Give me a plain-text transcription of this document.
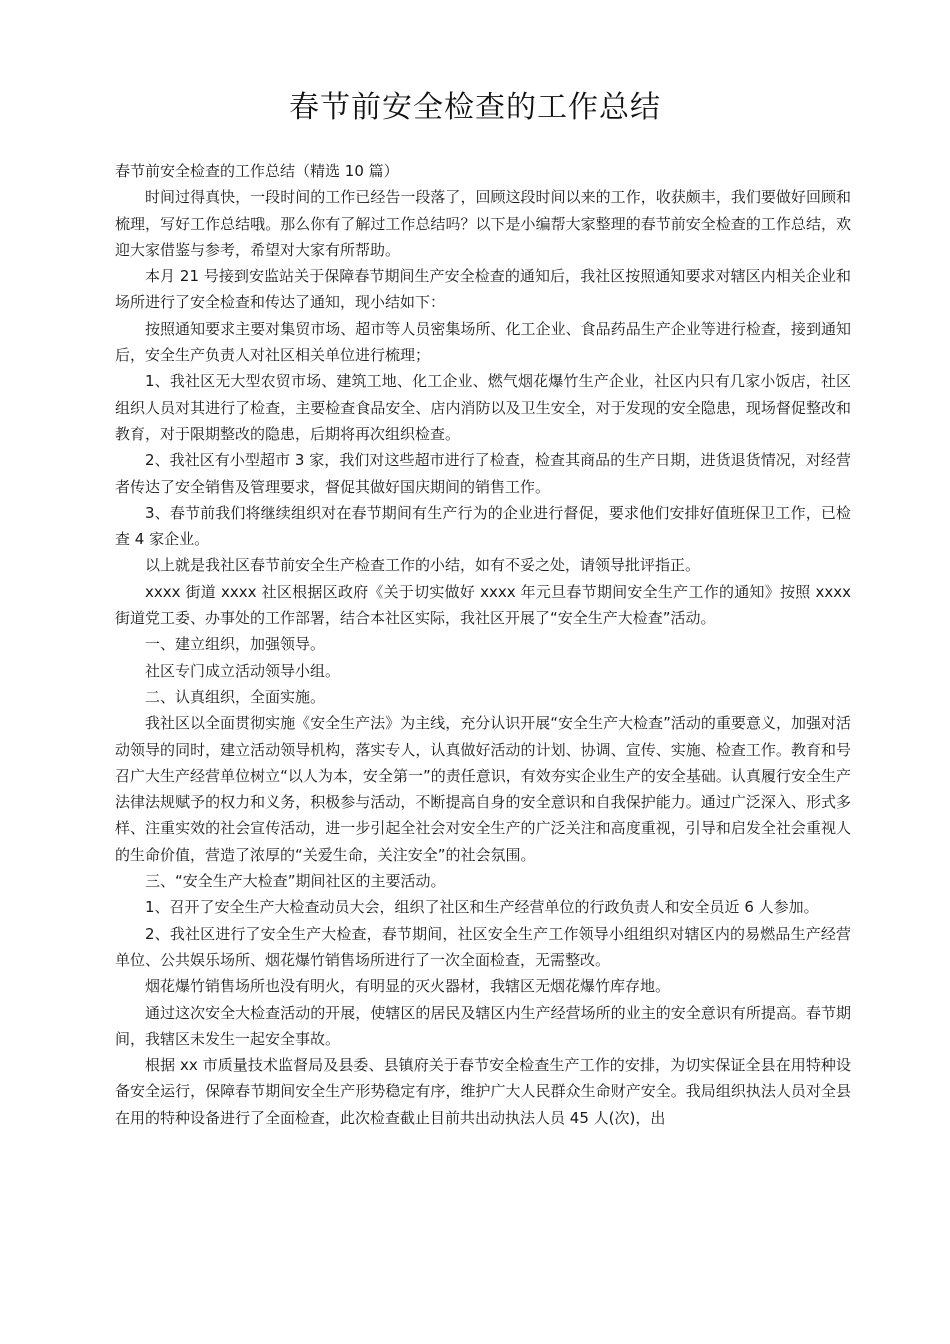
春节前安全检查的工作总结

春节前安全检查的工作总结（精选 10 篇）

时间过得真快，一段时间的工作已经告一段落了，回顾这段时间以来的工作，收获颇丰，我们要做好回顾和梳理，写好工作总结哦。那么你有了解过工作总结吗？以下是小编帮大家整理的春节前安全检查的工作总结，欢迎大家借鉴与参考，希望对大家有所帮助。

本月 21 号接到安监站关于保障春节期间生产安全检查的通知后，我社区按照通知要求对辖区内相关企业和场所进行了安全检查和传达了通知，现小结如下：

按照通知要求主要对集贸市场、超市等人员密集场所、化工企业、食品药品生产企业等进行检查，接到通知后，安全生产负责人对社区相关单位进行梳理；

1、我社区无大型农贸市场、建筑工地、化工企业、燃气烟花爆竹生产企业，社区内只有几家小饭店，社区组织人员对其进行了检查，主要检查食品安全、店内消防以及卫生安全，对于发现的安全隐患，现场督促整改和教育，对于限期整改的隐患，后期将再次组织检查。

2、我社区有小型超市 3 家，我们对这些超市进行了检查，检查其商品的生产日期，进货退货情况，对经营者传达了安全销售及管理要求，督促其做好国庆期间的销售工作。

3、春节前我们将继续组织对在春节期间有生产行为的企业进行督促，要求他们安排好值班保卫工作，已检查 4 家企业。

以上就是我社区春节前安全生产检查工作的小结，如有不妥之处，请领导批评指正。

xxxx 街道 xxxx 社区根据区政府《关于切实做好 xxxx 年元旦春节期间安全生产工作的通知》按照 xxxx 街道党工委、办事处的工作部署，结合本社区实际，我社区开展了“安全生产大检查”活动。

一、建立组织，加强领导。

社区专门成立活动领导小组。

二、认真组织，全面实施。

我社区以全面贯彻实施《安全生产法》为主线，充分认识开展“安全生产大检查”活动的重要意义，加强对活动领导的同时，建立活动领导机构，落实专人，认真做好活动的计划、协调、宣传、实施、检查工作。教育和号召广大生产经营单位树立“以人为本，安全第一”的责任意识，有效夯实企业生产的安全基础。认真履行安全生产法律法规赋予的权力和义务，积极参与活动，不断提高自身的安全意识和自我保护能力。通过广泛深入、形式多样、注重实效的社会宣传活动，进一步引起全社会对安全生产的广泛关注和高度重视，引导和启发全社会重视人的生命价值，营造了浓厚的“关爱生命，关注安全”的社会氛围。

三、“安全生产大检查”期间社区的主要活动。

1、召开了安全生产大检查动员大会，组织了社区和生产经营单位的行政负责人和安全员近 6 人参加。

2、我社区进行了安全生产大检查，春节期间，社区安全生产工作领导小组组织对辖区内的易燃品生产经营单位、公共娱乐场所、烟花爆竹销售场所进行了一次全面检查，无需整改。

烟花爆竹销售场所也没有明火，有明显的灭火器材，我辖区无烟花爆竹库存地。

通过这次安全大检查活动的开展，使辖区的居民及辖区内生产经营场所的业主的安全意识有所提高。春节期间，我辖区未发生一起安全事故。

根据 xx 市质量技术监督局及县委、县镇府关于春节安全检查生产工作的安排，为切实保证全县在用特种设备安全运行，保障春节期间安全生产形势稳定有序，维护广大人民群众生命财产安全。我局组织执法人员对全县在用的特种设备进行了全面检查，此次检查截止目前共出动执法人员 45 人(次)，出
